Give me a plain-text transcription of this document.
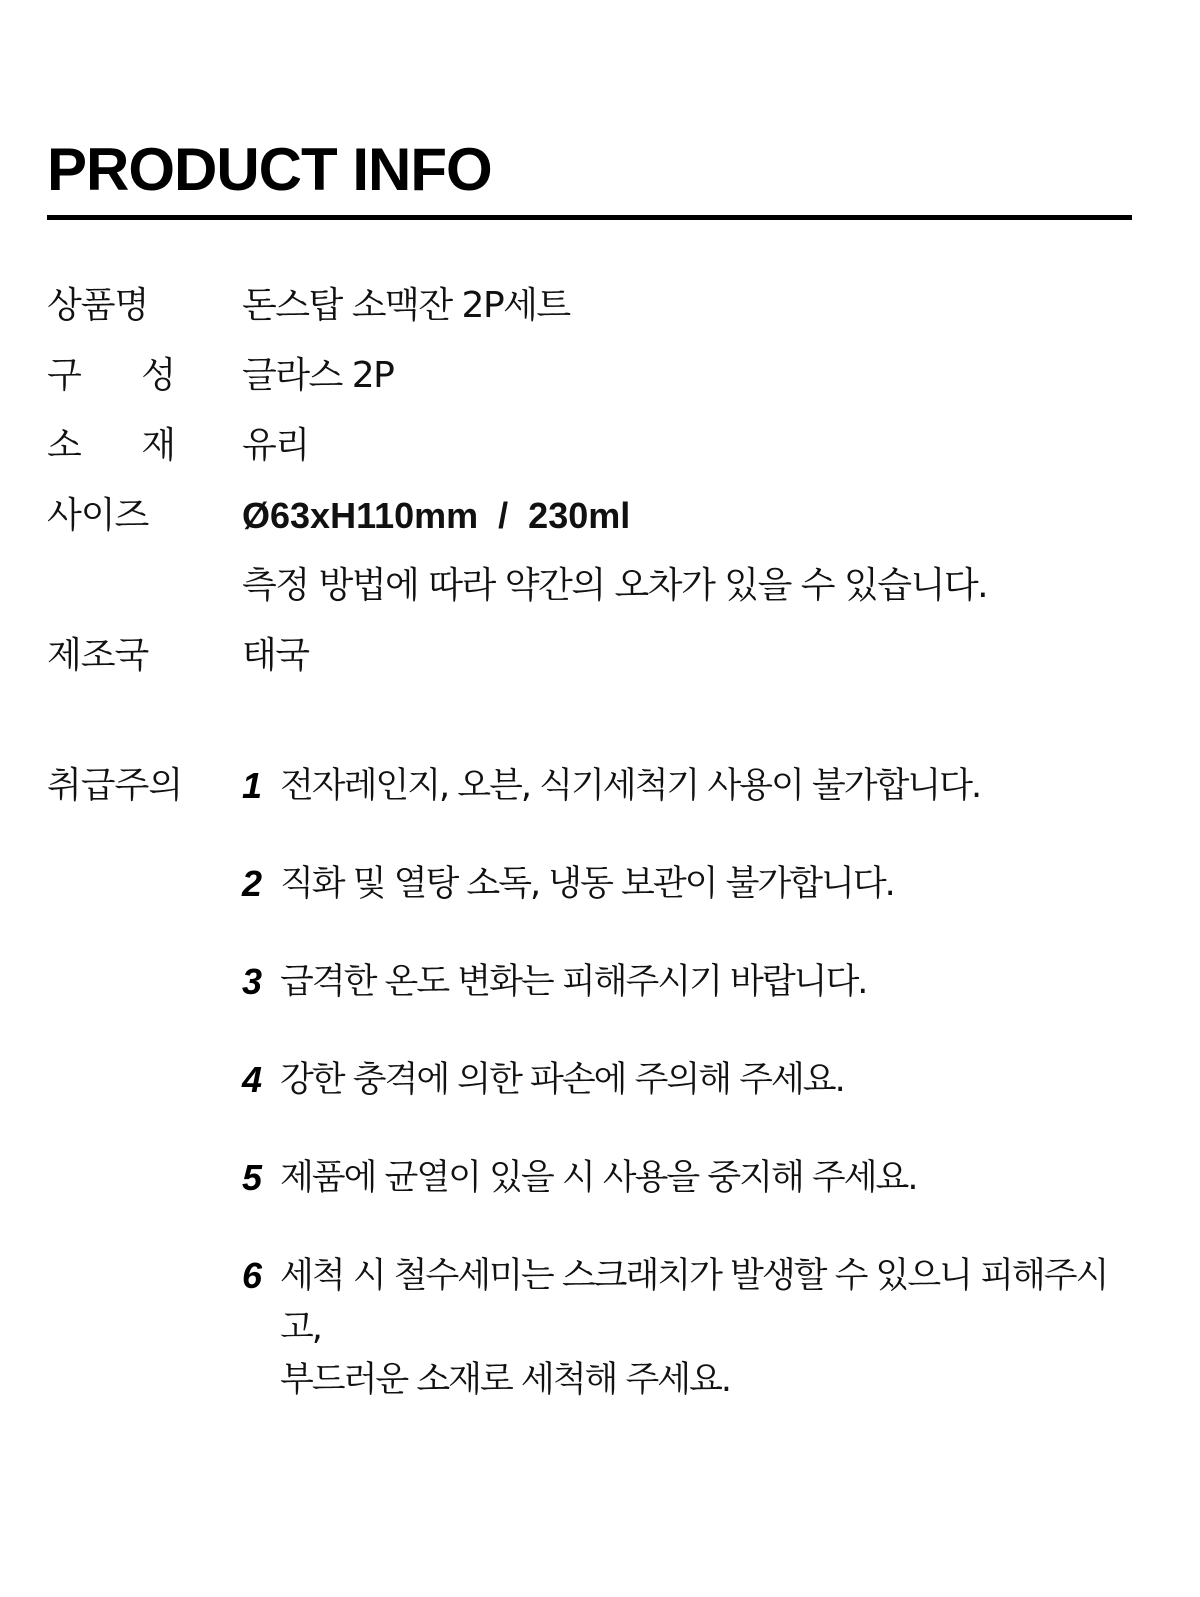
PRODUCT INFO
상품명	돈스탑 소맥잔 2P세트
구 성	글라스 2P
소 재	유리
사이즈	Ø63xH110mm  /  230ml
측정 방법에 따라 약간의 오차가 있을 수 있습니다.
제조국	태국
취급주의	1 전자레인지, 오븐, 식기세척기 사용이 불가합니다.
2 직화 및 열탕 소독, 냉동 보관이 불가합니다.
3 급격한 온도 변화는 피해주시기 바랍니다.
4 강한 충격에 의한 파손에 주의해 주세요.
5 제품에 균열이 있을 시 사용을 중지해 주세요.
6 세척 시 철수세미는 스크래치가 발생할 수 있으니 피해주시고,
부드러운 소재로 세척해 주세요.
